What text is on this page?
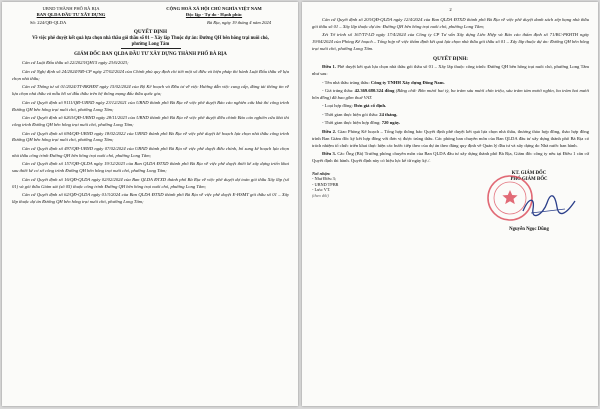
UBND THÀNH PHỐ BÀ RỊA
BAN QLDA ĐẦU TƯ XÂY DỰNG
CỘNG HOÀ XÃ HỘI CHỦ NGHĨA VIỆT NAM
Độc lập - Tự do - Hạnh phúc
Số: 224/QĐ-QLDA	Bà Rịa, ngày 19 tháng 4 năm 2024
QUYẾT ĐỊNH
Về việc phê duyệt kết quả lựa chọn nhà thầu gói thầu số 01 – Xây lắp Thuộc dự án: Đường QH bên hông trại nuôi chó, phường Long Tâm
GIÁM ĐỐC BAN QLDA ĐẦU TƯ XÂY DỰNG THÀNH PHỐ BÀ RỊA

Căn cứ Luật Đấu thầu số 22/2023/QH15 ngày 23/6/2023;

Căn cứ Nghị định số 24/2024/NĐ-CP ngày 27/02/2024 của Chính phủ quy định chi tiết một số điều và biện pháp thi hành Luật Đấu thầu về lựa chọn nhà thầu;

Căn cứ Thông tư số 01/2024/TT-BKHĐT ngày 15/02/2024 của Bộ Kế hoạch và Đầu tư về việc Hướng dẫn việc cung cấp, đăng tải thông tin về lựa chọn nhà thầu và mẫu hồ sơ đấu thầu trên hệ thống mạng đấu thầu quốc gia;

Căn cứ Quyết định số 9111/QĐ-UBND ngày 23/12/2021 của UBND thành phố Bà Rịa về việc phê duyệt Báo cáo nghiên cứu khả thi công trình Đường QH bên hông trại nuôi chó, phường Long Tâm;

Căn cứ Quyết định số 6263/QĐ-UBND ngày 28/11/2023 của UBND thành phố Bà Rịa về việc phê duyệt điều chỉnh Báo cáo nghiên cứu khả thi công trình Đường QH bên hông trại nuôi chó, phường Long Tâm;

Căn cứ Quyết định số 694/QĐ-UBND ngày 18/02/2022 của UBND thành phố Bà Rịa về việc phê duyệt kế hoạch lựa chọn nhà thầu công trình Đường QH bên hông trại nuôi chó, phường Long Tâm;

Căn cứ Quyết định số 497/QĐ-UBND ngày 07/02/2024 của UBND thành phố Bà Rịa về việc phê duyệt điều chỉnh, bổ sung kế hoạch lựa chọn nhà thầu công trình Đường QH bên hông trại nuôi chó, phường Long Tâm;

Căn cứ Quyết định số 157/QĐ-QLDA ngày 19/12/2023 của Ban QLDA ĐTXD thành phố Bà Rịa về việc phê duyệt thiết kế xây dựng triển khai sau thiết kế cơ sở công trình Đường QH bên hông trại nuôi chó, phường Long Tâm;

Căn cứ Quyết định số 16/QĐ-QLDA ngày 02/02/2024 của Ban QLDA ĐTXD thành phố Bà Rịa về việc phê duyệt dự toán gói thầu Xây lắp (số 01) và gói thầu Giám sát (số 05) thuộc công trình Đường QH bên hông trại nuôi chó, phường Long Tâm;

Căn cứ Quyết định số 62/QĐ-QLDA ngày 01/3/2024 của Ban QLDA ĐTXD thành phố Bà Rịa về việc phê duyệt E-HSMT gói thầu số 01 – Xây lắp thuộc dự án Đường QH bên hông trại nuôi chó, phường Long Tâm;

2

Căn cứ Quyết định số 203/QĐ-QLDA ngày 12/4/2024 của Ban QLDA ĐTXD thành phố Bà Rịa về việc phê duyệt danh sách xếp hạng nhà thầu gói thầu số 01 – Xây lắp thuộc dự án: Đường QH bên hông trại nuôi chó, phường Long Tâm;

Xét Tờ trình số 167/TT-LD ngày 17/4/2024 của Công ty CP Tư vấn Xây dựng Liên Hiệp và Báo cáo thẩm định số 71/BC-PKHTH ngày 19/04/2024 của Phòng Kế hoạch – Tổng hợp về việc thẩm định kết quả lựa chọn nhà thầu gói thầu số 01 – Xây lắp thuộc dự án: Đường QH bên hông trại nuôi chó, phường Long Tâm.

QUYẾT ĐỊNH:

Điều 1. Phê duyệt kết quả lựa chọn nhà thầu gói thầu số 01 – Xây lắp thuộc công trình: Đường QH bên hông trại nuôi chó, phường Long Tâm như sau:

- Tên nhà thầu trúng thầu: Công ty TNHH Xây dựng Đông Nam.

- Giá trúng thầu: 42.369.680.324 đồng (Bằng chữ: Bốn mươi hai tỷ, ba trăm sáu mươi chín triệu, sáu trăm tám mươi nghìn, ba trăm hai mươi bốn đồng) đã bao gồm thuế VAT.

- Loại hợp đồng: Đơn giá cố định.

- Thời gian thực hiện gói thầu: 24 tháng.

- Thời gian thực hiện hợp đồng: 720 ngày.

Điều 2. Giao Phòng Kế hoạch – Tổng hợp thông báo Quyết định phê duyệt kết quả lựa chọn nhà thầu, thương thảo hợp đồng, thảo hợp đồng trình Ban Giám đốc ký kết hợp đồng với đơn vị được trúng thầu. Các phòng ban chuyên môn của Ban QLDA đầu tư xây dựng thành phố Bà Rịa có trách nhiệm tổ chức triển khai thực hiện các bước tiếp theo của dự án theo đúng quy định về Quản lý đầu tư và xây dựng do Nhà nước ban hành.

Điều 3. Các Ông (Bà) Trưởng phòng chuyên môn của Ban QLDA đầu tư xây dựng thành phố Bà Rịa, Giám đốc công ty nêu tại Điều 1 căn cứ Quyết định thi hành. Quyết định này có hiệu lực kể từ ngày ký./.

Nơi nhận:
- Như Điều 3;
- UBND TPBR
- Lưu: VT.
(theo dõi)
KT. GIÁM ĐỐC
PHÓ GIÁM ĐỐC
Nguyễn Ngọc Dũng
